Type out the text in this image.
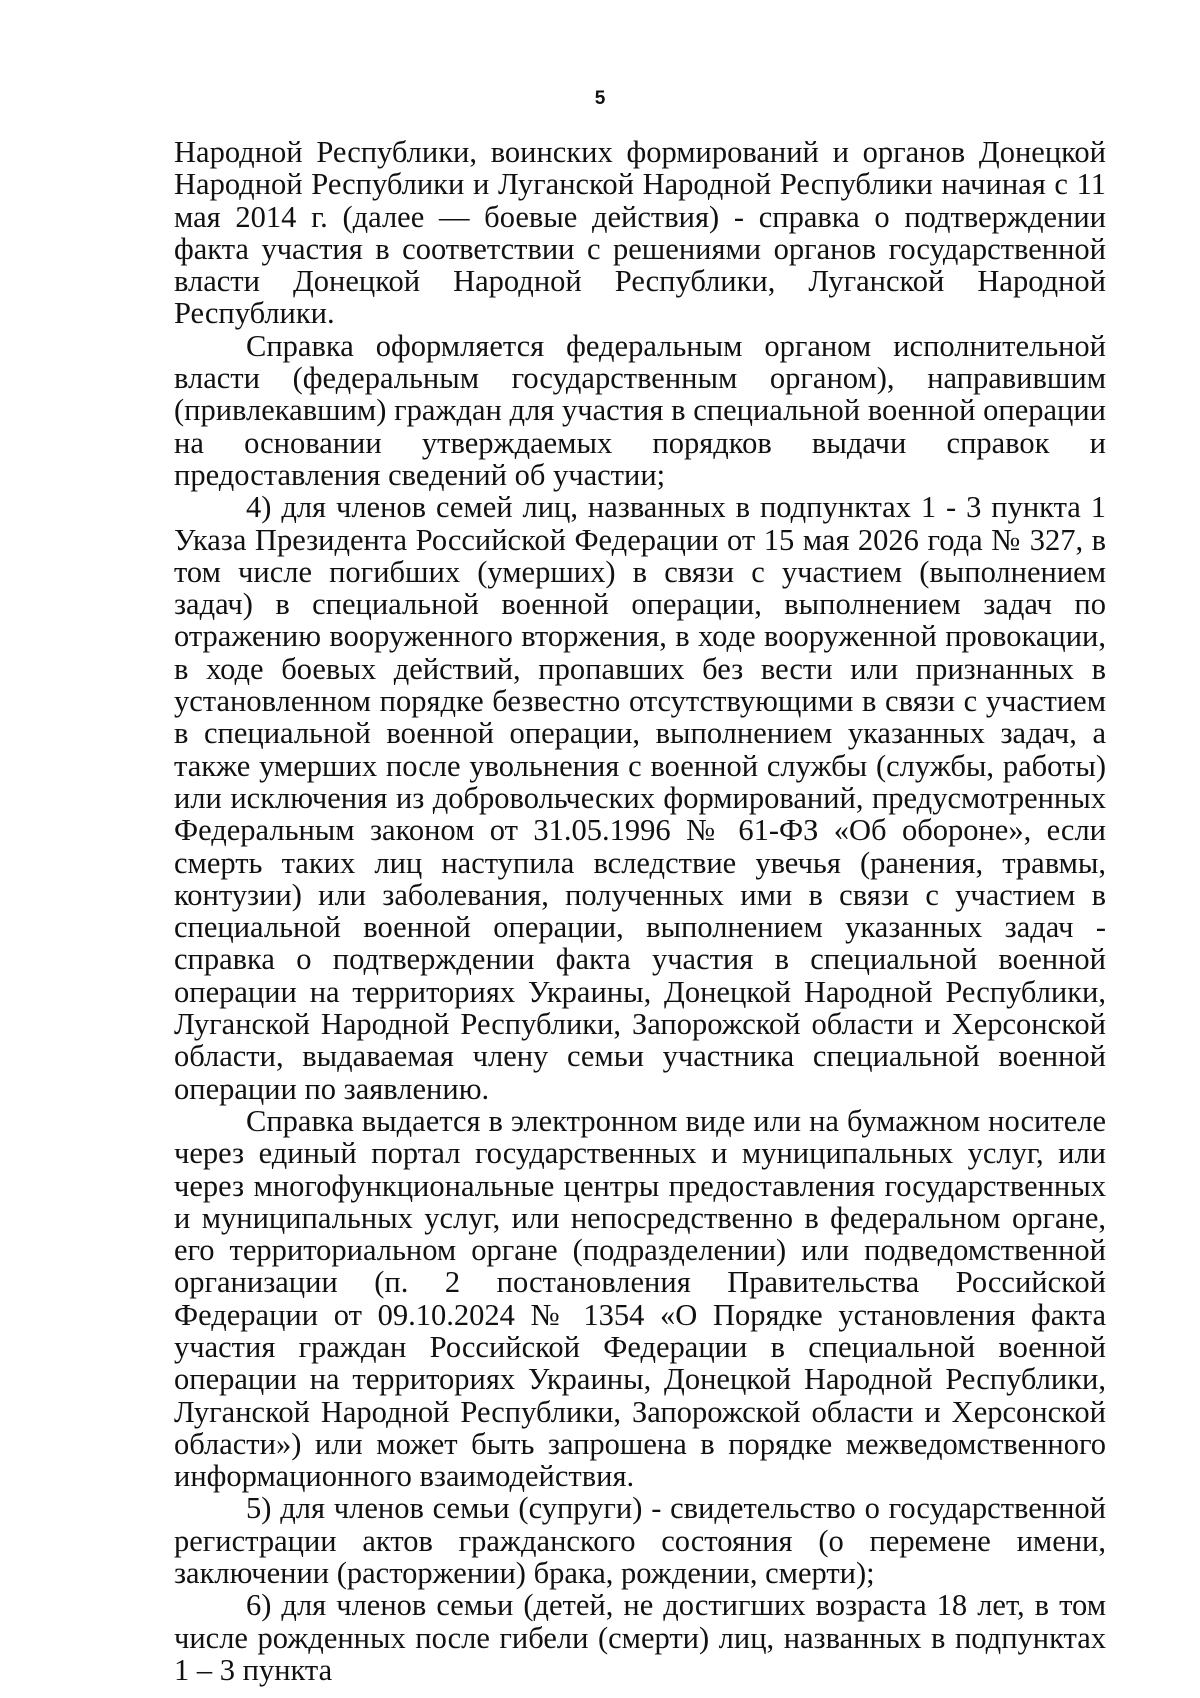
5

Народной Республики, воинских формирований и органов Донецкой Народной Республики и Луганской Народной Республики начиная с 11 мая 2014 г. (далее — боевые действия) - справка о подтверждении факта участия в соответствии с решениями органов государственной власти Донецкой Народной Республики, Луганской Народной Республики.

Справка оформляется федеральным органом исполнительной власти (федеральным государственным органом), направившим (привлекавшим) граждан для участия в специальной военной операции на основании утверждаемых порядков выдачи справок и предоставления сведений об участии;

4) для членов семей лиц, названных в подпунктах 1 - 3 пункта 1 Указа Президента Российской Федерации от 15 мая 2026 года № 327, в том числе погибших (умерших) в связи с участием (выполнением задач) в специальной военной операции, выполнением задач по отражению вооруженного вторжения, в ходе вооруженной провокации, в ходе боевых действий, пропавших без вести или признанных в установленном порядке безвестно отсутствующими в связи с участием в специальной военной операции, выполнением указанных задач, а также умерших после увольнения с военной службы (службы, работы) или исключения из добровольческих формирований, предусмотренных Федеральным законом от 31.05.1996 № 61-ФЗ «Об обороне», если смерть таких лиц наступила вследствие увечья (ранения, травмы, контузии) или заболевания, полученных ими в связи с участием в специальной военной операции, выполнением указанных задач - справка о подтверждении факта участия в специальной военной операции на территориях Украины, Донецкой Народной Республики, Луганской Народной Республики, Запорожской области и Херсонской области, выдаваемая члену семьи участника специальной военной операции по заявлению.

Справка выдается в электронном виде или на бумажном носителе через единый портал государственных и муниципальных услуг, или через многофункциональные центры предоставления государственных и муниципальных услуг, или непосредственно в федеральном органе, его территориальном органе (подразделении) или подведомственной организации (п. 2 постановления Правительства Российской Федерации от 09.10.2024 № 1354 «О Порядке установления факта участия граждан Российской Федерации в специальной военной операции на территориях Украины, Донецкой Народной Республики, Луганской Народной Республики, Запорожской области и Херсонской области») или может быть запрошена в порядке межведомственного информационного взаимодействия.

5) для членов семьи (супруги) - свидетельство о государственной регистрации актов гражданского состояния (о перемене имени, заключении (расторжении) брака, рождении, смерти);

6) для членов семьи (детей, не достигших возраста 18 лет, в том числе рожденных после гибели (смерти) лиц, названных в подпунктах 1 – 3 пункта
